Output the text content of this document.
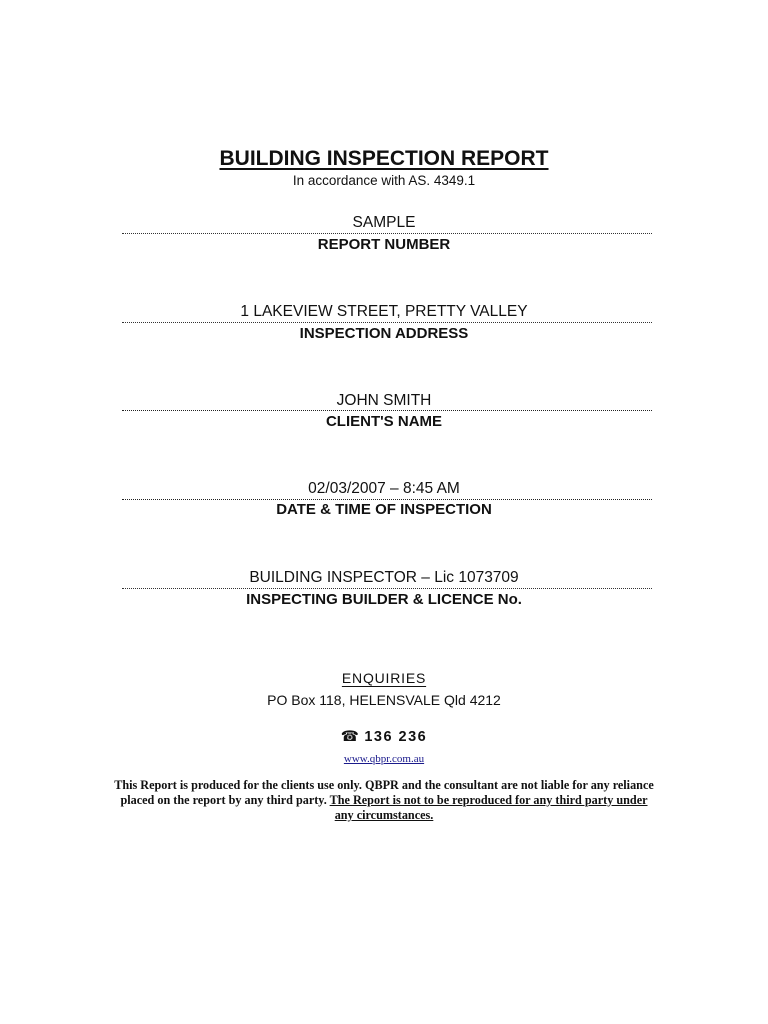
BUILDING INSPECTION REPORT
In accordance with AS. 4349.1
SAMPLE
REPORT NUMBER
1 LAKEVIEW STREET, PRETTY VALLEY
INSPECTION ADDRESS
JOHN SMITH
CLIENT'S NAME
02/03/2007 – 8:45 AM
DATE & TIME OF INSPECTION
BUILDING INSPECTOR – Lic 1073709
INSPECTING BUILDER & LICENCE No.
ENQUIRIES
PO Box 118, HELENSVALE Qld 4212
☎ 136 236
www.qbpr.com.au
This Report is produced for the clients use only. QBPR and the consultant are not liable for any reliance placed on the report by any third party. The Report is not to be reproduced for any third party under any circumstances.
